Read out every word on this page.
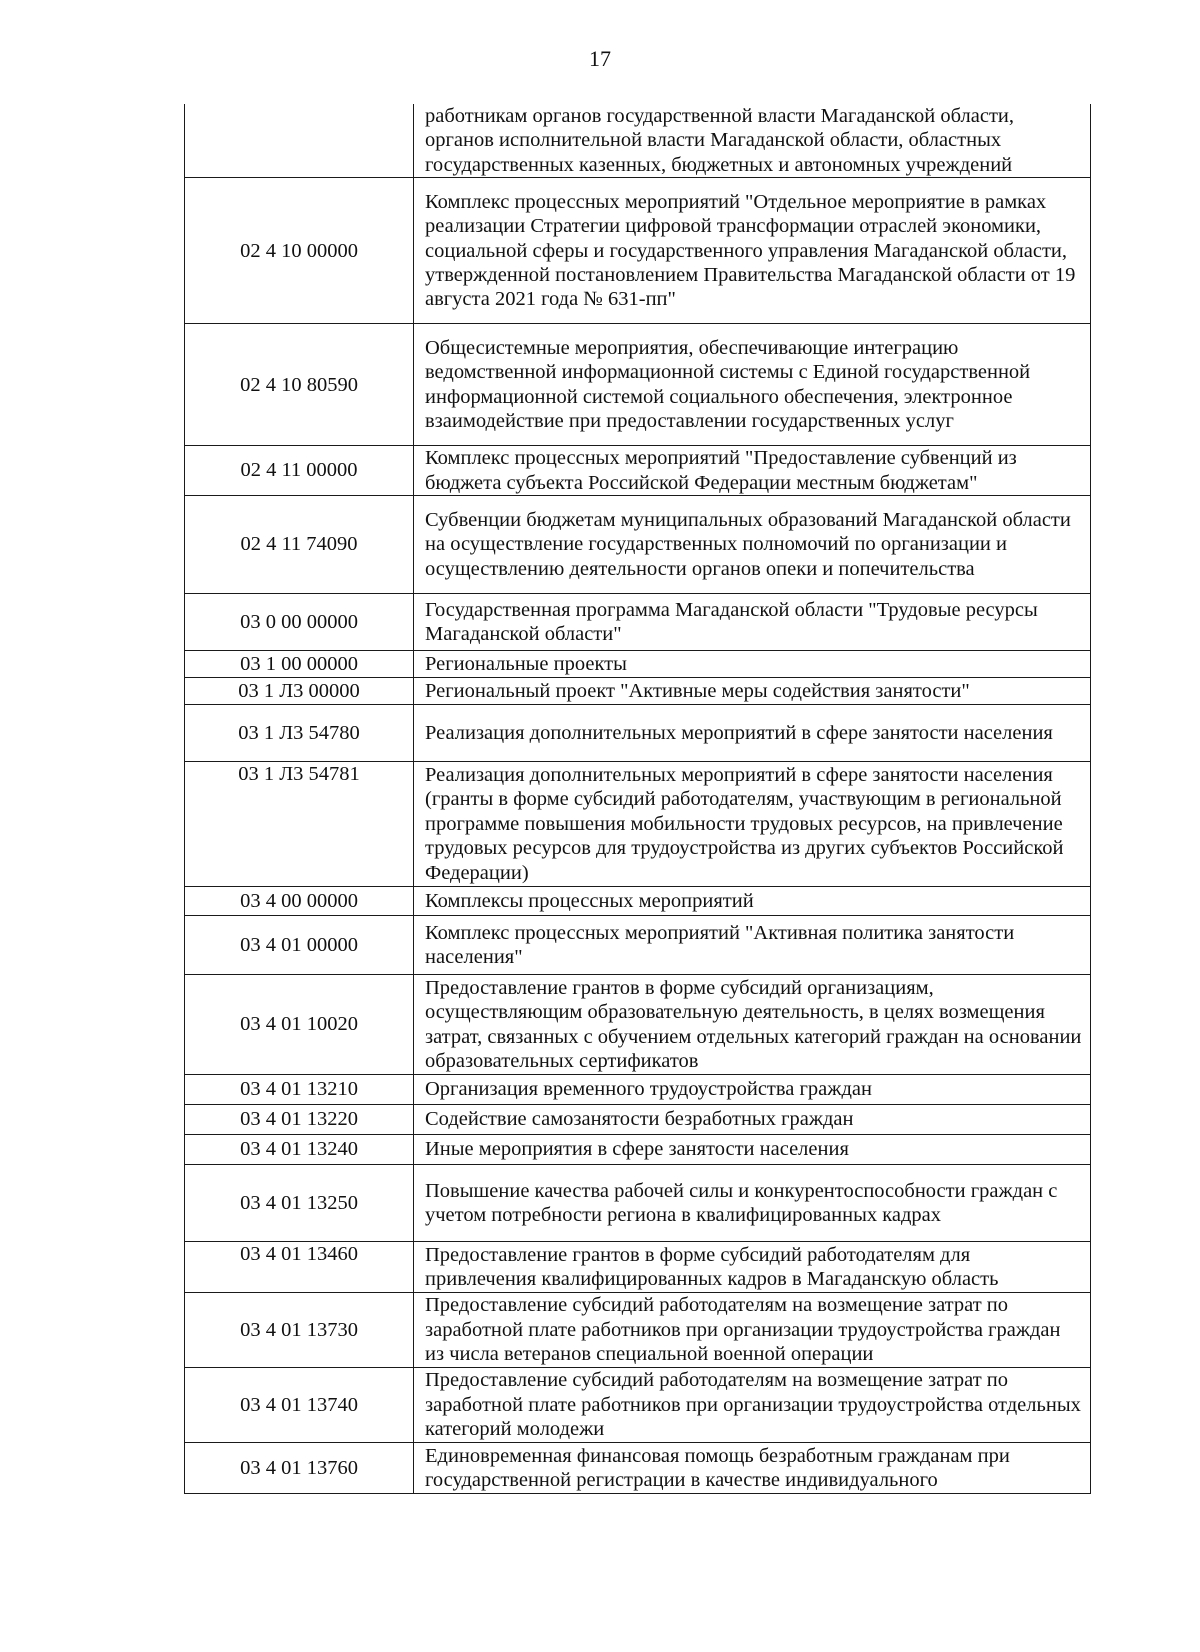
17
	работникам органов государственной власти Магаданской области, органов исполнительной власти Магаданской области, областных государственных казенных, бюджетных и автономных учреждений
02 4 10 00000	Комплекс процессных мероприятий "Отдельное мероприятие в рамках реализации Стратегии цифровой трансформации отраслей экономики, социальной сферы и государственного управления Магаданской области, утвержденной постановлением Правительства Магаданской области от 19 августа 2021 года № 631-пп"
02 4 10 80590	Общесистемные мероприятия, обеспечивающие интеграцию ведомственной информационной системы с Единой государственной информационной системой социального обеспечения, электронное взаимодействие при предоставлении государственных услуг
02 4 11 00000	Комплекс процессных мероприятий "Предоставление субвенций из бюджета субъекта Российской Федерации местным бюджетам"
02 4 11 74090	Субвенции бюджетам муниципальных образований Магаданской области на осуществление государственных полномочий по организации и осуществлению деятельности органов опеки и попечительства
03 0 00 00000	Государственная программа Магаданской области "Трудовые ресурсы Магаданской области"
03 1 00 00000	Региональные проекты
03 1 Л3 00000	Региональный проект "Активные меры содействия занятости"
03 1 Л3 54780	Реализация дополнительных мероприятий в сфере занятости населения
03 1 Л3 54781	Реализация дополнительных мероприятий в сфере занятости населения (гранты в форме субсидий работодателям, участвующим в региональной программе повышения мобильности трудовых ресурсов, на привлечение трудовых ресурсов для трудоустройства из других субъектов Российской Федерации)
03 4 00 00000	Комплексы процессных мероприятий
03 4 01 00000	Комплекс процессных мероприятий "Активная политика занятости населения"
03 4 01 10020	Предоставление грантов в форме субсидий организациям, осуществляющим образовательную деятельность, в целях возмещения затрат, связанных с обучением отдельных категорий граждан на основании образовательных сертификатов
03 4 01 13210	Организация временного трудоустройства граждан
03 4 01 13220	Содействие самозанятости безработных граждан
03 4 01 13240	Иные мероприятия в сфере занятости населения
03 4 01 13250	Повышение качества рабочей силы и конкурентоспособности граждан с учетом потребности региона в квалифицированных кадрах
03 4 01 13460	Предоставление грантов в форме субсидий работодателям для привлечения квалифицированных кадров в Магаданскую область
03 4 01 13730	Предоставление субсидий работодателям на возмещение затрат по заработной плате работников при организации трудоустройства граждан из числа ветеранов специальной военной операции
03 4 01 13740	Предоставление субсидий работодателям на возмещение затрат по заработной плате работников при организации трудоустройства отдельных категорий молодежи
03 4 01 13760	Единовременная финансовая помощь безработным гражданам при государственной регистрации в качестве индивидуального
